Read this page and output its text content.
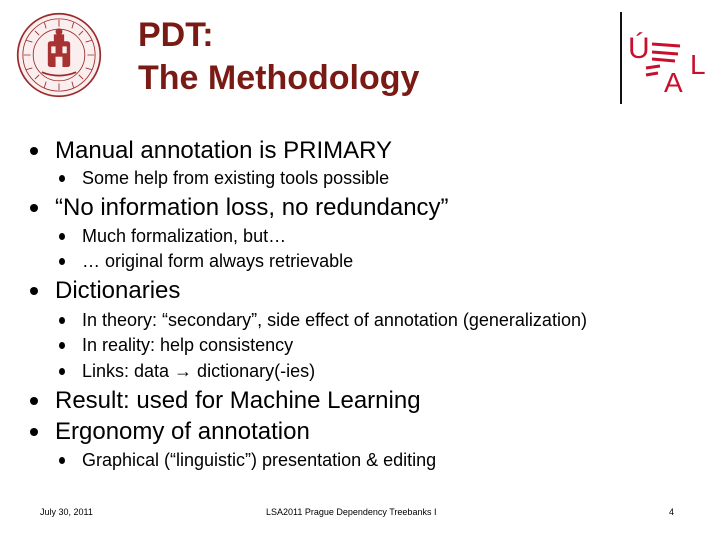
PDT:
The Methodology
Ú L
A
Manual annotation is PRIMARY
Some help from existing tools possible
“No information loss, no redundancy”
Much formalization, but…
… original form always retrievable
Dictionaries
In theory: “secondary”, side effect of annotation (generalization)
In reality: help consistency
Links: data → dictionary(-ies)
Result: used for Machine Learning
Ergonomy of annotation
Graphical (“linguistic”) presentation & editing
July 30, 2011	LSA2011 Prague Dependency Treebanks I	4
